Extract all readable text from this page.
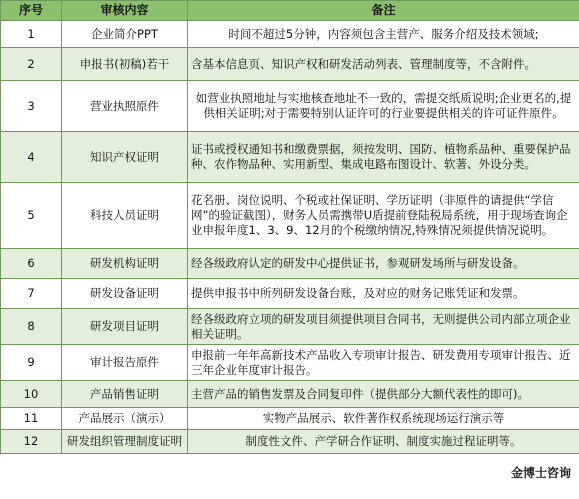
序号	审核内容	备注
1	企业简介PPT	时间不超过5分钟，内容须包含主营产、服务介绍及技术领域;
2	申报书(初稿)若干	含基本信息页、知识产权和研发活动列表、管理制度等，不含附件。
3	营业执照原件	如营业执照地址与实地核查地址不一致的，需提交纸质说明;企业更名的,提供相关证明;对于需要特别认证许可的行业要提供相关的许可证件原件。
4	知识产权证明	证书或授权通知书和缴费票据，须按发明、国防、植物系品种、重要保护品种、农作物品种、实用新型、集成电路布图设计、软著、外设分类。
5	科技人员证明	花名册、岗位说明、个税或社保证明、学历证明（非原件的请提供“学信网”的验证截图），财务人员需携带U盾提前登陆税局系统，用于现场查询企业申报年度1、3、9、12月的个税缴纳情况,特殊情况须提供情况说明。
6	研发机构证明	经各级政府认定的研发中心提供证书，参观研发场所与研发设备。
7	研发设备证明	提供申报书中所列研发设备台账，及对应的财务记账凭证和发票。
8	研发项目证明	经各级政府立项的研发项目须提供项目合同书，无则提供公司内部立项企业相关证明。
9	审计报告原件	申报前一年年高新技术产品收入专项审计报告、研发费用专项审计报告、近三年企业年度审计报告。
10	产品销售证明	主营产品的销售发票及合同复印件（提供部分大额代表性的即可)。
11	产品展示（演示）	实物产品展示、软件著作权系统现场运行演示等
12	研发组织管理制度证明	制度性文件、产学研合作证明、制度实施过程证明等。
企业微信
金博士咨询
